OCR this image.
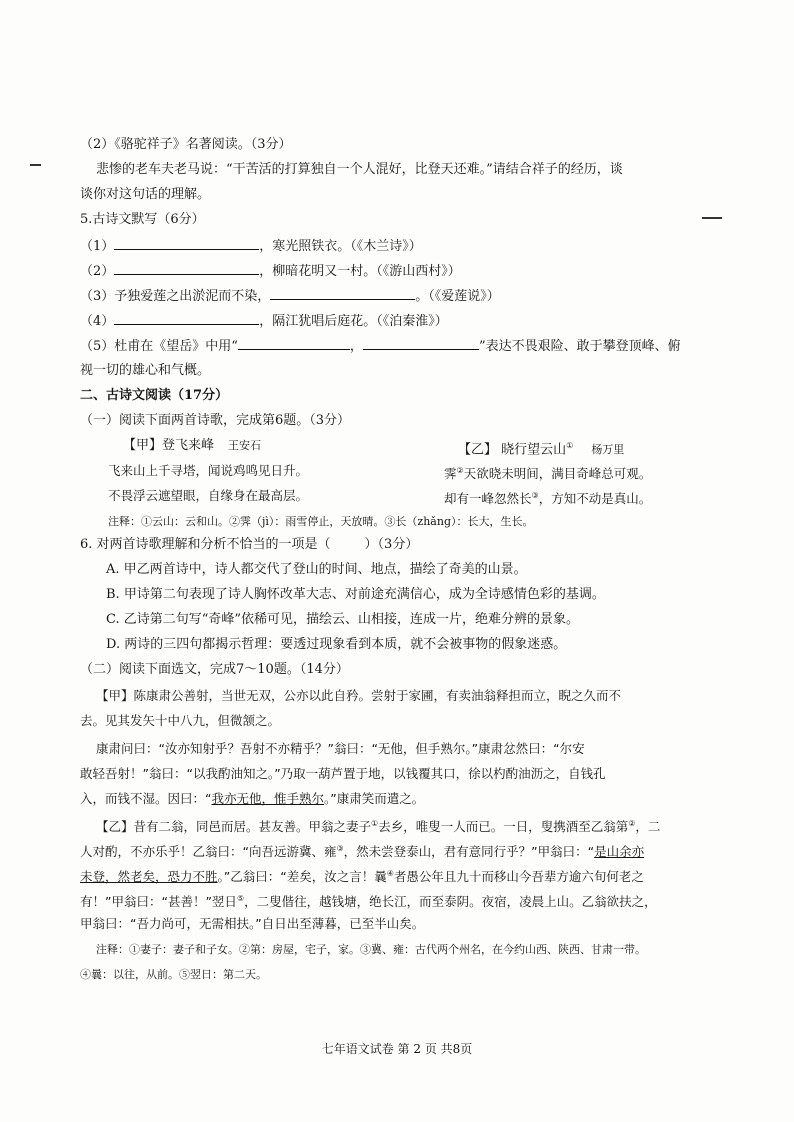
（2）《骆驼祥子》名著阅读。（3分）
悲惨的老车夫老马说：“干苦活的打算独自一个人混好，比登天还难。”请结合祥子的经历，谈
谈你对这句话的理解。
5.古诗文默写（6分）
（1）	，寒光照铁衣。（《木兰诗》）
（2）	，柳暗花明又一村。（《游山西村》）
（3）予独爱莲之出淤泥而不染，	。（《爱莲说》）
（4）	，隔江犹唱后庭花。（《泊秦淮》）
（5）杜甫在《望岳》中用“	，	”表达不畏艰险、敢于攀登顶峰、俯
视一切的雄心和气概。
二、古诗文阅读（17分）
（一）阅读下面两首诗歌，完成第6题。（3分）
【甲】登飞来峰 王安石	【乙】 晓行望云山① 杨万里
飞来山上千寻塔，闻说鸡鸣见日升。	霁②天欲晓未明间，满目奇峰总可观。
不畏浮云遮望眼，自缘身在最高层。	却有一峰忽然长③，方知不动是真山。
注释：①云山：云和山。②霁（jì）：雨雪停止，天放晴。③长（zhǎng）：长大，生长。
6. 对两首诗歌理解和分析不恰当的一项是（	）（3分）
A. 甲乙两首诗中，诗人都交代了登山的时间、地点，描绘了奇美的山景。
B. 甲诗第二句表现了诗人胸怀改革大志、对前途充满信心，成为全诗感情色彩的基调。
C. 乙诗第二句写“奇峰”依稀可见，描绘云、山相接，连成一片，绝难分辨的景象。
D. 两诗的三四句都揭示哲理：要透过现象看到本质，就不会被事物的假象迷惑。
（二）阅读下面选文，完成7～10题。（14分）
【甲】陈康肃公善射，当世无双，公亦以此自矜。尝射于家圃，有卖油翁释担而立，睨之久而不
去。见其发矢十中八九，但微颔之。
康肃问曰：“汝亦知射乎？吾射不亦精乎？”翁曰：“无他，但手熟尔。”康肃忿然曰：“尔安
敢轻吾射！”翁曰：“以我酌油知之。”乃取一葫芦置于地，以钱覆其口，徐以杓酌油沥之，自钱孔
入，而钱不湿。因曰：“我亦无他，惟手熟尔。”康肃笑而遣之。
【乙】昔有二翁，同邑而居。甚友善。甲翁之妻子①去乡，唯叟一人而已。一日，叟携酒至乙翁第②，二
人对酌，不亦乐乎！乙翁曰：“向吾远游冀、雍③，然未尝登泰山，君有意同行乎？”甲翁曰：“是山余亦
未登，然老矣，恐力不胜。”乙翁曰：“差矣，汝之言！曩④者愚公年且九十而移山今吾辈方逾六旬何老之
有！”甲翁曰：“甚善！”翌日⑤，二叟偕往，越钱塘，绝长江，而至泰阴。夜宿，凌晨上山。乙翁欲扶之，
甲翁曰：“吾力尚可，无需相扶。”自日出至薄暮，已至半山矣。
注释：①妻子：妻子和子女。②第：房屋，宅子，家。③冀、雍：古代两个州名，在今约山西、陕西、甘肃一带。
④曩：以往，从前。⑤翌日：第二天。
七年语文试卷 第 2 页 共8页
